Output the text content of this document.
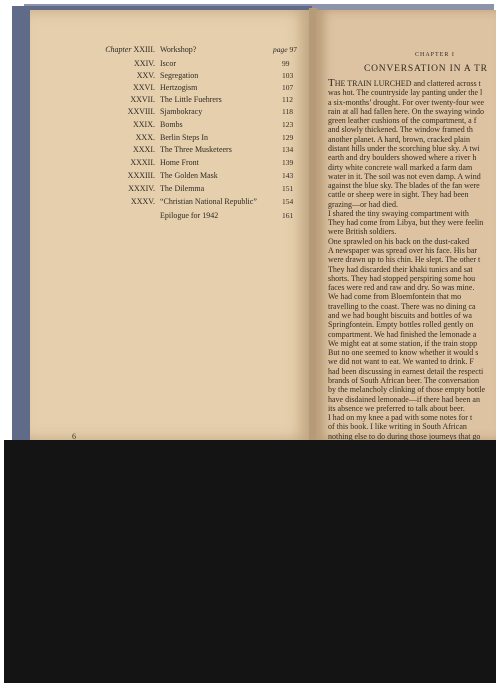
Chapter XXIII. Workshop?	page 97
XXIV. Iscor	99
XXV. Segregation	103
XXVI. Hertzogism	107
XXVII. The Little Fuehrers	112
XXVIII. Sjambokracy	118
XXIX. Bombs	123
XXX. Berlin Steps In	129
XXXI. The Three Musketeers	134
XXXII. Home Front	139
XXXIII. The Golden Mask	143
XXXIV. The Dilemma	151
XXXV. “Christian National Republic”	154
Epilogue for 1942	161
6
CHAPTER I
CONVERSATION IN A TR
THE TRAIN LURCHED and clattered across t
was hot. The countryside lay panting under the l
a six-months’ drought. For over twenty-four wee
rain at all had fallen here. On the swaying windo
green leather cushions of the compartment, a f
and slowly thickened. The window framed th
another planet. A hard, brown, cracked plain
distant hills under the scorching blue sky. A twi
earth and dry boulders showed where a river h
dirty white concrete wall marked a farm dam
water in it. The soil was not even damp. A wind
against the blue sky. The blades of the fan were
cattle or sheep were in sight. They had been
grazing—or had died.
I shared the tiny swaying compartment with
They had come from Libya, but they were feelin
were British soldiers.
One sprawled on his back on the dust-caked
A newspaper was spread over his face. His bar
were drawn up to his chin. He slept. The other t
They had discarded their khaki tunics and sat
shorts. They had stopped perspiring some hou
faces were red and raw and dry. So was mine.
We had come from Bloemfontein that mo
travelling to the coast. There was no dining ca
and we had bought biscuits and bottles of wa
Springfontein. Empty bottles rolled gently on
compartment. We had finished the lemonade a
We might eat at some station, if the train stopp
But no one seemed to know whether it would s
we did not want to eat. We wanted to drink. F
had been discussing in earnest detail the respecti
brands of South African beer. The conversation
by the melancholy clinking of those empty bottle
have disdained lemonade—if there had been an
its absence we preferred to talk about beer.
I had on my knee a pad with some notes for t
of this book. I like writing in South African
nothing else to do during those journeys that go
